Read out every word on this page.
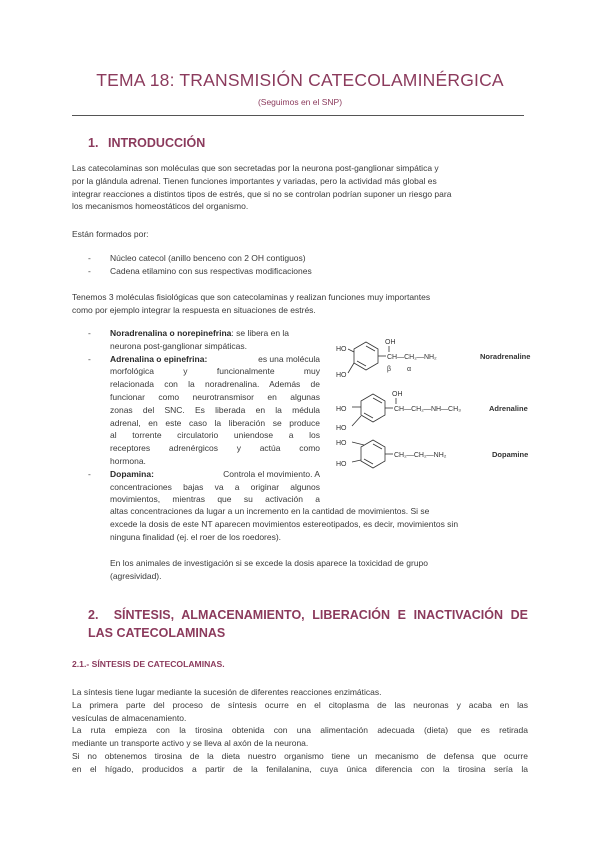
TEMA 18: TRANSMISIÓN CATECOLAMINÉRGICA
(Seguimos en el SNP)
1. INTRODUCCIÓN
Las catecolaminas son moléculas que son secretadas por la neurona post-ganglionar simpática y
por la glándula adrenal. Tienen funciones importantes y variadas, pero la actividad más global es
integrar reacciones a distintos tipos de estrés, que si no se controlan podrían suponer un riesgo para
los mecanismos homeostáticos del organismo.
Están formados por:
- Núcleo catecol (anillo benceno con 2 OH contiguos)
- Cadena etilamino con sus respectivas modificaciones
Tenemos 3 moléculas fisiológicas que son catecolaminas y realizan funciones muy importantes
como por ejemplo integrar la respuesta en situaciones de estrés.
- Noradrenalina o norepinefrina: se libera en la
neurona post-ganglionar simpáticas.
- Adrenalina o epinefrina:	es una molécula
morfológica y funcionalmente muy
relacionada con la noradrenalina. Además de
funcionar como neurotransmisor en algunas
zonas del SNC. Es liberada en la médula
adrenal, en este caso la liberación se produce
al torrente circulatorio uniendose a los
receptores adrenérgicos y actúa como
hormona.
- Dopamina:	Controla el movimiento. A
concentraciones bajas va a originar algunos
movimientos, mientras que su activación a
altas concentraciones da lugar a un incremento en la cantidad de movimientos. Si se
excede la dosis de este NT aparecen movimientos estereotipados, es decir, movimientos sin
ninguna finalidad (ej. el roer de los roedores).
En los animales de investigación si se excede la dosis aparece la toxicidad de grupo
(agresividad).
HO
HO
OH
CH—CH₂—NH₂
β α
Noradrenaline
HO
HO
OH
CH—CH₂—NH—CH₃	Adrenaline
HO
HO
CH₂—CH₂—NH₂	Dopamine
2. SÍNTESIS, ALMACENAMIENTO, LIBERACIÓN E INACTIVACIÓN DE
LAS CATECOLAMINAS
2.1.- SÍNTESIS DE CATECOLAMINAS.
La síntesis tiene lugar mediante la sucesión de diferentes reacciones enzimáticas.
La primera parte del proceso de síntesis ocurre en el citoplasma de las neuronas y acaba en las
vesículas de almacenamiento.
La ruta empieza con la tirosina obtenida con una alimentación adecuada (dieta) que es retirada
mediante un transporte activo y se lleva al axón de la neurona.
Si no obtenemos tirosina de la dieta nuestro organismo tiene un mecanismo de defensa que ocurre
en el hígado, producidos a partir de la fenilalanina, cuya única diferencia con la tirosina sería la
